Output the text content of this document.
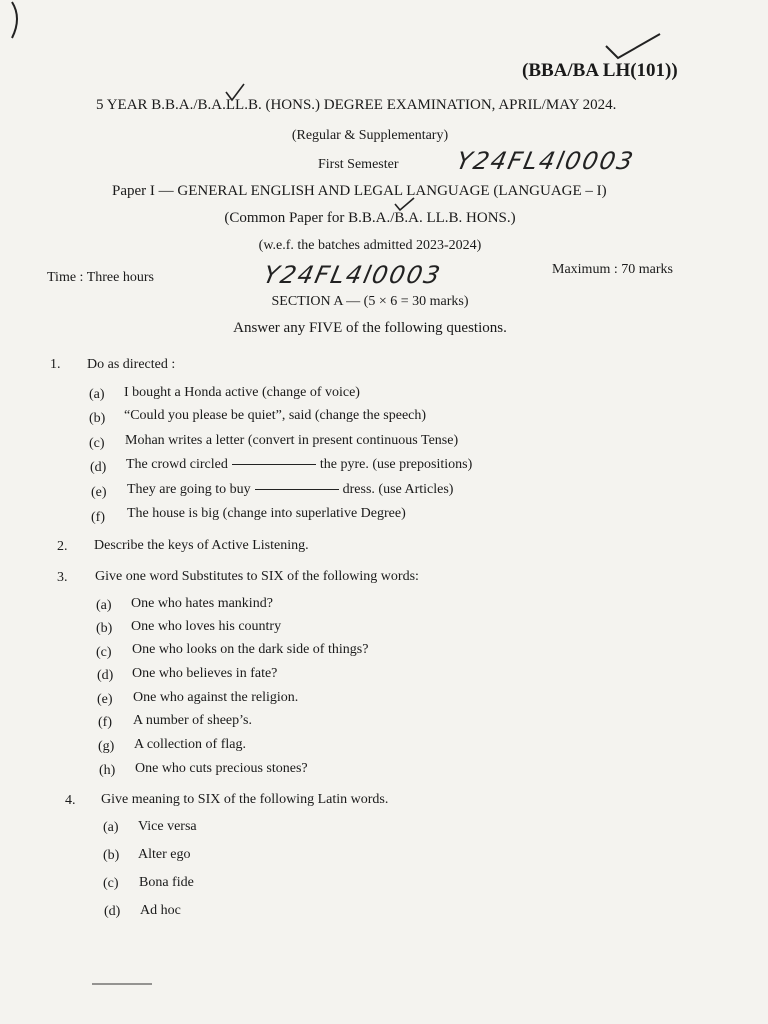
(BBA/BA LH(101))
5 YEAR B.B.A./B.A.LL.B. (HONS.) DEGREE EXAMINATION, APRIL/MAY 2024.
(Regular & Supplementary)
First Semester Y24FL4l0003
Paper I — GENERAL ENGLISH AND LEGAL LANGUAGE (LANGUAGE – I)
(Common Paper for B.B.A./B.A. LL.B. HONS.)
(w.e.f. the batches admitted 2023-2024)
Time : Three hours	Y24FL4l0003	Maximum : 70 marks
SECTION A — (5 × 6 = 30 marks)
Answer any FIVE of the following questions.
1. Do as directed :
(a) I bought a Honda active (change of voice)
(b) “Could you please be quiet”, said (change the speech)
(c) Mohan writes a letter (convert in present continuous Tense)
(d) The crowd circled	the pyre. (use prepositions)
(e) They are going to buy	dress. (use Articles)
(f) The house is big (change into superlative Degree)
2. Describe the keys of Active Listening.
3. Give one word Substitutes to SIX of the following words:
(a) One who hates mankind?
(b) One who loves his country
(c) One who looks on the dark side of things?
(d) One who believes in fate?
(e) One who against the religion.
(f) A number of sheep’s.
(g) A collection of flag.
(h) One who cuts precious stones?
4. Give meaning to SIX of the following Latin words.
(a) Vice versa
(b) Alter ego
(c) Bona fide
(d) Ad hoc
